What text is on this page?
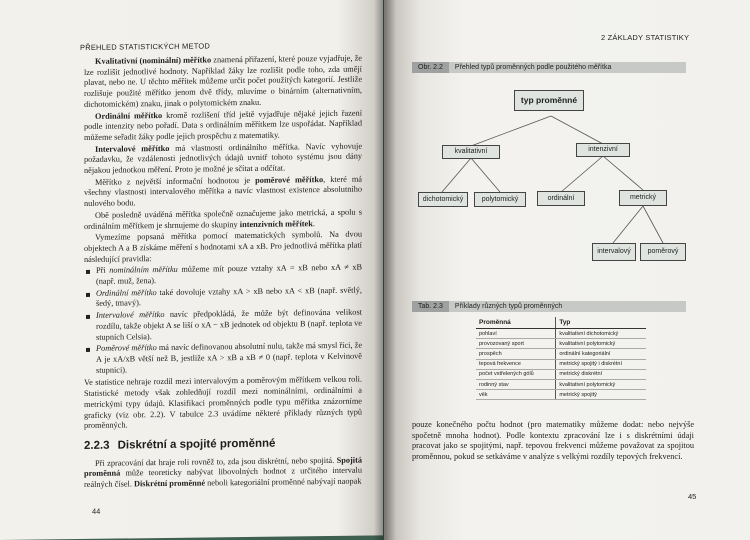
PŘEHLED STATISTICKÝCH METOD

Kvalitativní (nominální) měřítko znamená přiřazení, které pouze vyjadřuje, že lze rozlišit jednotlivé hodnoty. Například žáky lze rozlišit podle toho, zda umějí plavat, nebo ne. U těchto měřítek můžeme určit počet použitých kategorií. Jestliže rozlišuje použité měřítko jenom dvě třídy, mluvíme o binárním (alternativním, dichotomickém) znaku, jinak o polytomickém znaku.

Ordinální měřítko kromě rozlišení tříd ještě vyjadřuje nějaké jejich řazení podle intenzity nebo pořadí. Data s ordinálním měřítkem lze uspořádat. Například můžeme seřadit žáky podle jejich prospěchu z matematiky.

Intervalové měřítko má vlastnosti ordinálního měřítka. Navíc vyhovuje požadavku, že vzdálenosti jednotlivých údajů uvnitř tohoto systému jsou dány nějakou jednotkou měření. Proto je možné je sčítat a odčítat.

Měřítko z největší informační hodnotou je poměrové měřítko, které má všechny vlastnosti intervalového měřítka a navíc vlastnost existence absolutního nulového bodu.

Obě posledně uváděná měřítka společně označujeme jako metrická, a spolu s ordinálním měřítkem je shrnujeme do skupiny intenzivních měřítek.

Vymezíme popsaná měřítka pomocí matematických symbolů. Na dvou objektech A a B získáme měření s hodnotami xA a xB. Pro jednotlivá měřítka platí následující pravidla:

Při nominálním měřítku můžeme mít pouze vztahy xA = xB nebo xA ≠ xB (např. muž, žena).
Ordinální měřítko také dovoluje vztahy xA > xB nebo xA < xB (např. světlý, šedý, tmavý).
Intervalové měřítko navíc předpokládá, že může být definována velikost rozdílu, takže objekt A se liší o xA − xB jednotek od objektu B (např. teplota ve stupních Celsia).
Poměrové měřítko má navíc definovanou absolutní nulu, takže má smysl říci, že A je xA/xB větší než B, jestliže xA > xB a xB ≠ 0 (např. teplota v Kelvinově stupnici).

Ve statistice nehraje rozdíl mezi intervalovým a poměrovým měřítkem velkou roli. Statistické metody však zohledňují rozdíl mezi nominálními, ordinálními a metrickými typy údajů. Klasifikaci proměnných podle typu měřítka znázorníme graficky (viz obr. 2.2). V tabulce 2.3 uvádíme některé příklady různých typů proměnných.

2.2.3 Diskrétní a spojité proměnné

Při zpracování dat hraje roli rovněž to, zda jsou diskrétní, nebo spojitá. Spojitá proměnná může teoreticky nabývat libovolných hodnot z určitého intervalu reálných čísel. Diskrétní proměnné neboli kategoriální proměnné nabývají naopak

44
2 ZÁKLADY STATISTIKY
Obr. 2.2 Přehled typů proměnných podle použitého měřítka
typ proměnné
kvalitativní	intenzivní
dichotomický	polytomický	ordinální	metrický
intervalový	poměrový
Tab. 2.3 Příklady různých typů proměnných
Proměnná	Typ
pohlaví	kvalitativní dichotomický
provozovaný sport	kvalitativní polytomický
prospěch	ordinální kategoriální
tepová frekvence	metrický spojitý i diskrétní
počet vstřelených gólů	metrický diskrétní
rodinný stav	kvalitativní polytomický
věk	metrický spojitý

pouze konečného počtu hodnot (pro matematiky můžeme dodat: nebo nejvýše spočetně mnoha hodnot). Podle kontextu zpracování lze i s diskrétními údaji pracovat jako se spojitými, např. tepovou frekvenci můžeme považovat za spojitou proměnnou, pokud se setkáváme v analýze s velkými rozdíly tepových frekvencí.

45
